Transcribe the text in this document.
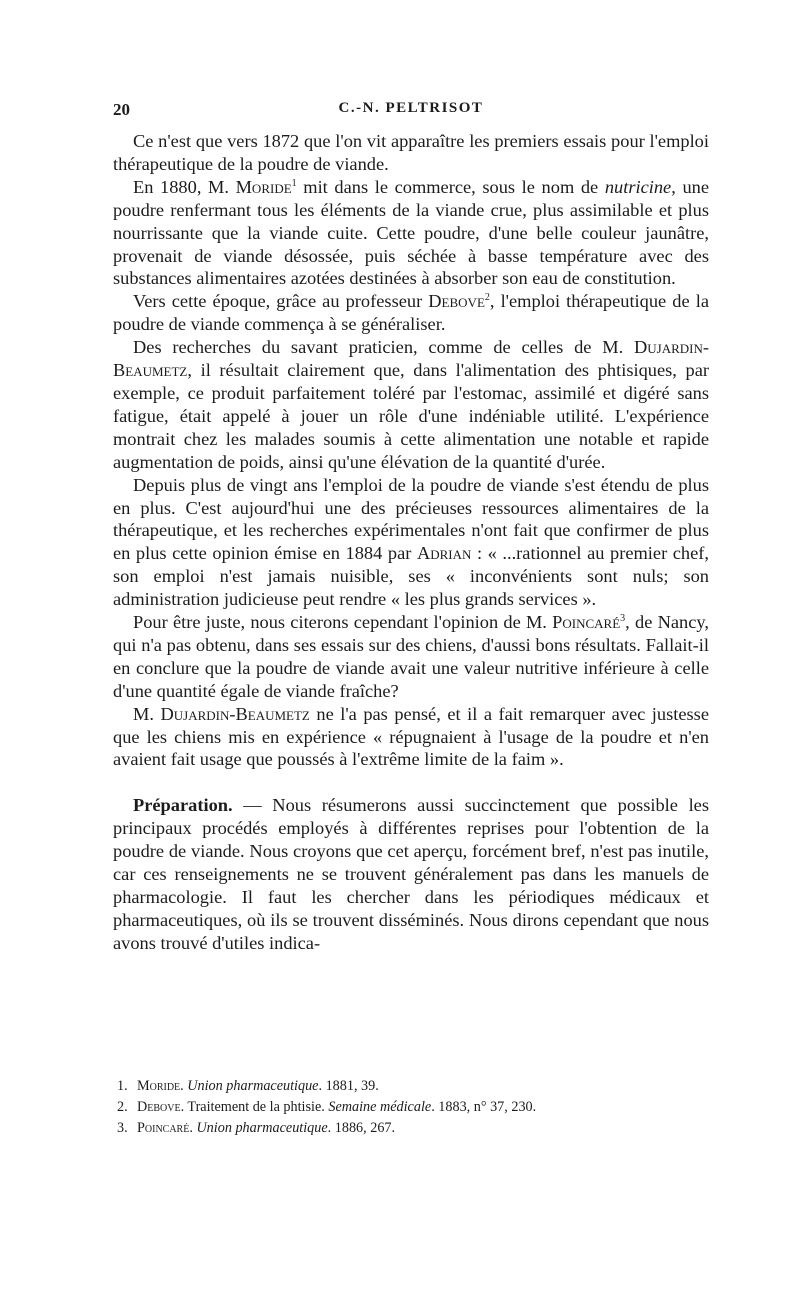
20	C.-N. PELTRISOT

Ce n'est que vers 1872 que l'on vit apparaître les premiers essais pour l'emploi thérapeutique de la poudre de viande.

En 1880, M. Moride$^1$ mit dans le commerce, sous le nom de nutricine, une poudre renfermant tous les éléments de la viande crue, plus assimilable et plus nourrissante que la viande cuite. Cette poudre, d'une belle couleur jaunâtre, provenait de viande désossée, puis séchée à basse température avec des substances alimentaires azotées destinées à absorber son eau de constitution.

Vers cette époque, grâce au professeur Debove$^2$, l'emploi thérapeutique de la poudre de viande commença à se généraliser.

Des recherches du savant praticien, comme de celles de M. Dujardin-Beaumetz, il résultait clairement que, dans l'alimentation des phtisiques, par exemple, ce produit parfaitement toléré par l'estomac, assimilé et digéré sans fatigue, était appelé à jouer un rôle d'une indéniable utilité. L'expérience montrait chez les malades soumis à cette alimentation une notable et rapide augmentation de poids, ainsi qu'une élévation de la quantité d'urée.

Depuis plus de vingt ans l'emploi de la poudre de viande s'est étendu de plus en plus. C'est aujourd'hui une des précieuses ressources alimentaires de la thérapeutique, et les recherches expérimentales n'ont fait que confirmer de plus en plus cette opinion émise en 1884 par Adrian : « ...rationnel au premier chef, son emploi n'est jamais nuisible, ses « inconvénients sont nuls; son administration judicieuse peut rendre « les plus grands services ».

Pour être juste, nous citerons cependant l'opinion de M. Poincaré$^3$, de Nancy, qui n'a pas obtenu, dans ses essais sur des chiens, d'aussi bons résultats. Fallait-il en conclure que la poudre de viande avait une valeur nutritive inférieure à celle d'une quantité égale de viande fraîche?

M. Dujardin-Beaumetz ne l'a pas pensé, et il a fait remarquer avec justesse que les chiens mis en expérience « répugnaient à l'usage de la poudre et n'en avaient fait usage que poussés à l'extrême limite de la faim ».

Préparation. — Nous résumerons aussi succinctement que possible les principaux procédés employés à différentes reprises pour l'obtention de la poudre de viande. Nous croyons que cet aperçu, forcément bref, n'est pas inutile, car ces renseignements ne se trouvent généralement pas dans les manuels de pharmacologie. Il faut les chercher dans les périodiques médicaux et pharmaceutiques, où ils se trouvent disséminés. Nous dirons cependant que nous avons trouvé d'utiles indica-

1. Moride. Union pharmaceutique. 1881, 39.
2. Debove. Traitement de la phtisie. Semaine médicale. 1883, n° 37, 230.
3. Poincaré. Union pharmaceutique. 1886, 267.
